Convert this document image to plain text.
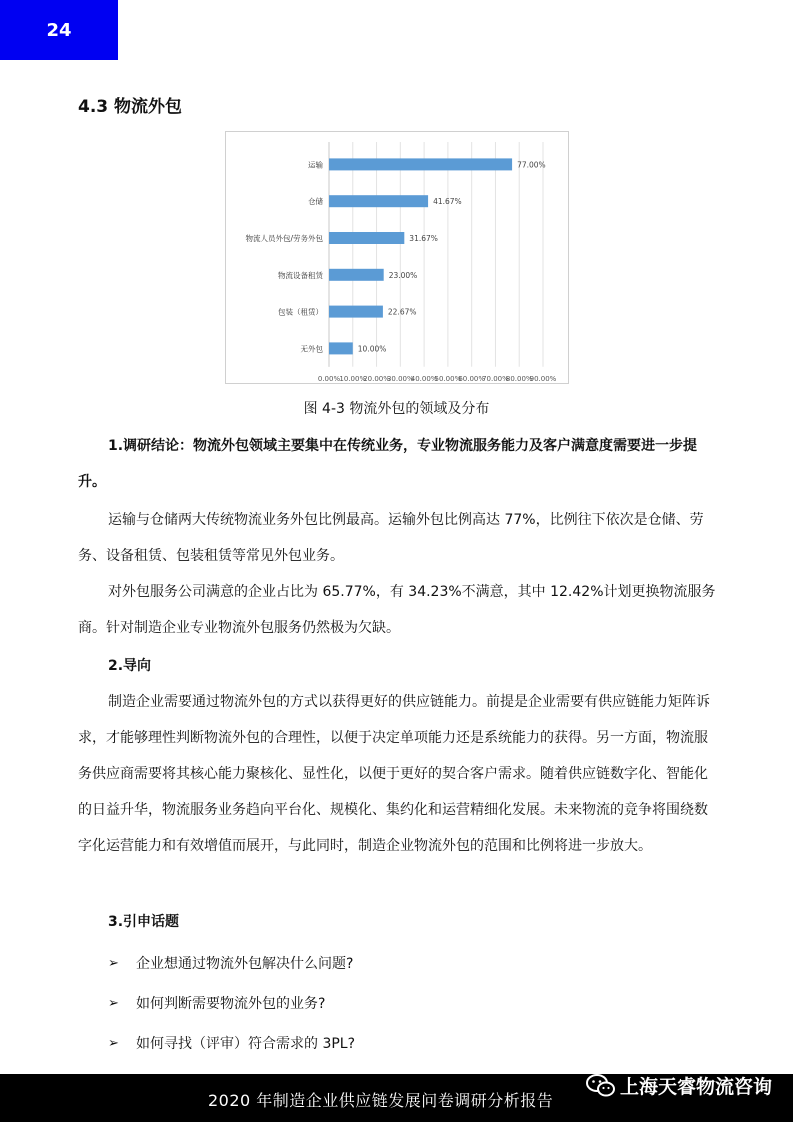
24
4.3 物流外包
0.00% 10.00%
20.00%
30.00%
40.00%
50.00%
60.00%
70.00%
80.00%
90.00%
运输	77.00%
仓储	41.67%
物流人员外包/劳务外包	31.67%
物流设备租赁	23.00%
包装（租赁）	22.67%
无外包	10.00%
图 4-3 物流外包的领域及分布
1.调研结论：物流外包领域主要集中在传统业务，专业物流服务能力及客户满意度需要进一步提升。
运输与仓储两大传统物流业务外包比例最高。运输外包比例高达 77%，比例往下依次是仓储、劳务、设备租赁、包装租赁等常见外包业务。
对外包服务公司满意的企业占比为 65.77%，有 34.23%不满意，其中 12.42%计划更换物流服务商。针对制造企业专业物流外包服务仍然极为欠缺。
2.导向
制造企业需要通过物流外包的方式以获得更好的供应链能力。前提是企业需要有供应链能力矩阵诉求，才能够理性判断物流外包的合理性，以便于决定单项能力还是系统能力的获得。另一方面，物流服务供应商需要将其核心能力聚核化、显性化，以便于更好的契合客户需求。随着供应链数字化、智能化的日益升华，物流服务业务趋向平台化、规模化、集约化和运营精细化发展。未来物流的竞争将围绕数字化运营能力和有效增值而展开，与此同时，制造企业物流外包的范围和比例将进一步放大。
3.引申话题
➢	企业想通过物流外包解决什么问题?
➢	如何判断需要物流外包的业务?
➢	如何寻找（评审）符合需求的 3PL?
2020 年制造企业供应链发展问卷调研分析报告
上海天睿物流咨询
